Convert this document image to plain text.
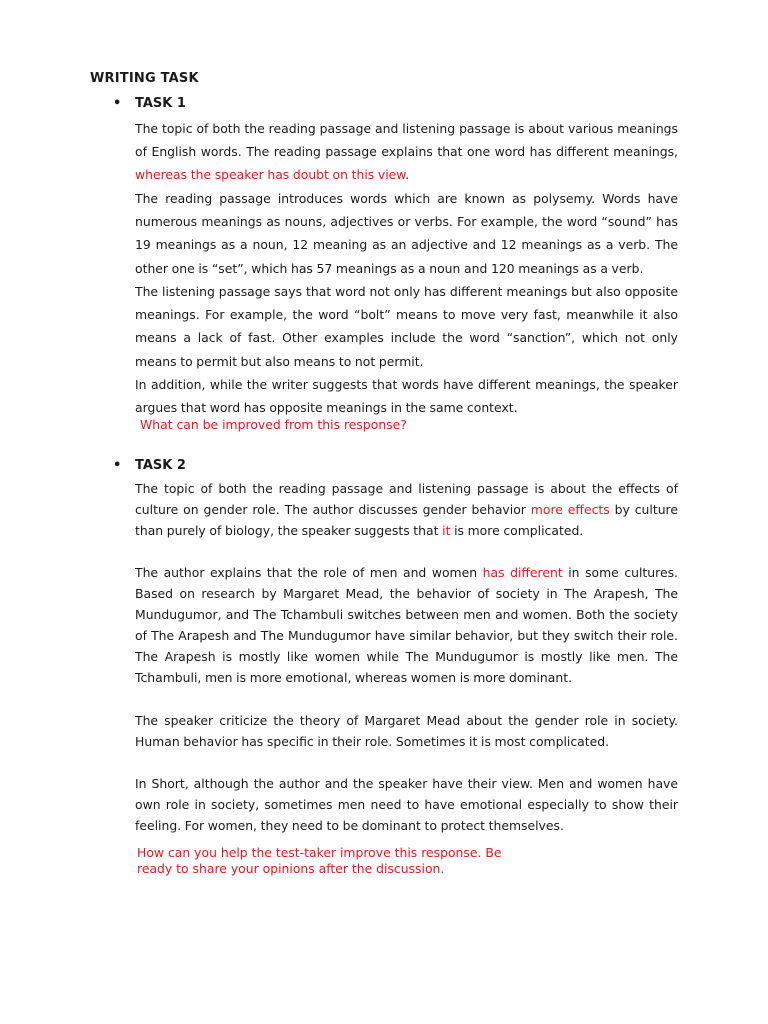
WRITING TASK
• TASK 1
The topic of both the reading passage and listening passage is about various meanings of English words. The reading passage explains that one word has different meanings, whereas the speaker has doubt on this view.
The reading passage introduces words which are known as polysemy. Words have numerous meanings as nouns, adjectives or verbs. For example, the word “sound” has 19 meanings as a noun, 12 meaning as an adjective and 12 meanings as a verb. The other one is “set”, which has 57 meanings as a noun and 120 meanings as a verb.
The listening passage says that word not only has different meanings but also opposite meanings. For example, the word “bolt” means to move very fast, meanwhile it also means a lack of fast. Other examples include the word “sanction”, which not only means to permit but also means to not permit.
In addition, while the writer suggests that words have different meanings, the speaker argues that word has opposite meanings in the same context.
What can be improved from this response?
• TASK 2
The topic of both the reading passage and listening passage is about the effects of culture on gender role. The author discusses gender behavior more effects by culture than purely of biology, the speaker suggests that it is more complicated.
The author explains that the role of men and women has different in some cultures. Based on research by Margaret Mead, the behavior of society in The Arapesh, The Mundugumor, and The Tchambuli switches between men and women. Both the society of The Arapesh and The Mundugumor have similar behavior, but they switch their role. The Arapesh is mostly like women while The Mundugumor is mostly like men. The Tchambuli, men is more emotional, whereas women is more dominant.
The speaker criticize the theory of Margaret Mead about the gender role in society. Human behavior has specific in their role. Sometimes it is most complicated.
In Short, although the author and the speaker have their view. Men and women have own role in society, sometimes men need to have emotional especially to show their feeling. For women, they need to be dominant to protect themselves.
How can you help the test-taker improve this response. Be
ready to share your opinions after the discussion.
